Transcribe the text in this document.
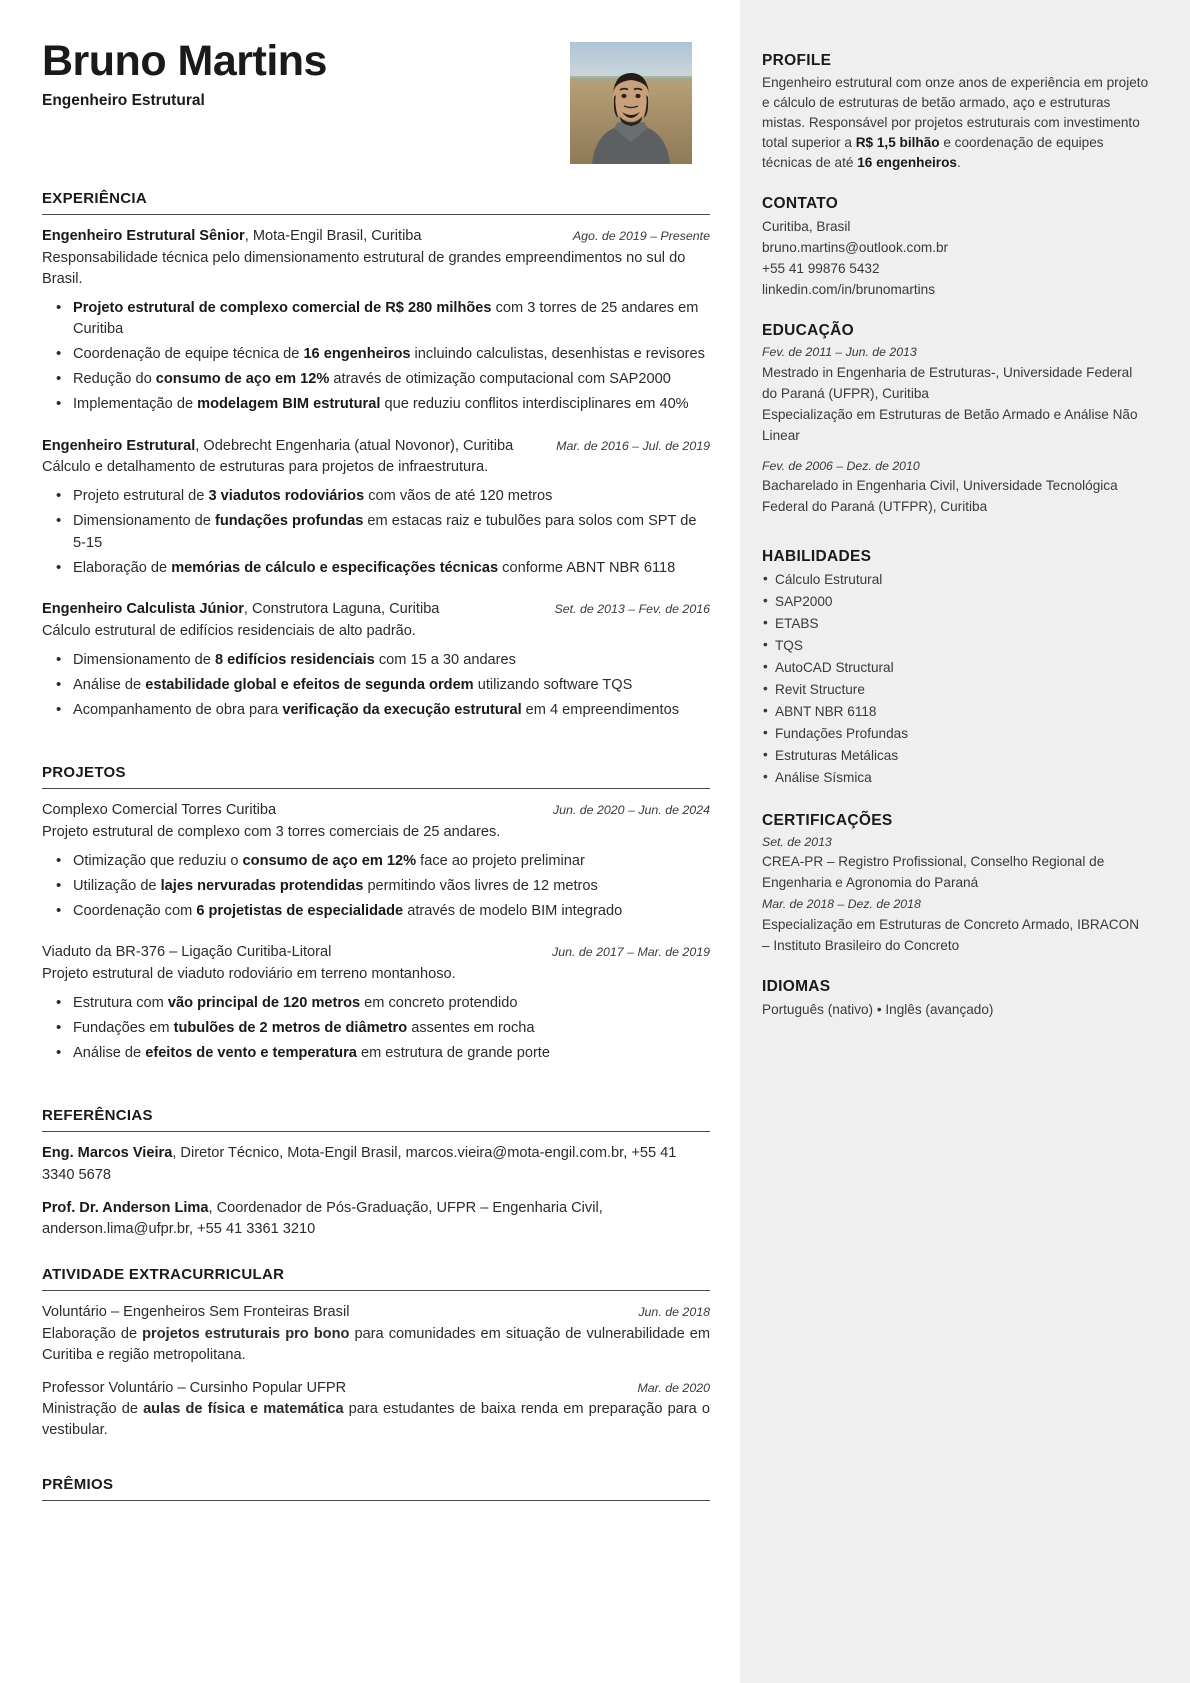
Bruno Martins
Engenheiro Estrutural
EXPERIÊNCIA
Engenheiro Estrutural Sênior, Mota-Engil Brasil, Curitiba	Ago. de 2019 – Presente
Responsabilidade técnica pelo dimensionamento estrutural de grandes empreendimentos no sul do Brasil.
• Projeto estrutural de complexo comercial de R$ 280 milhões com 3 torres de 25 andares em Curitiba
• Coordenação de equipe técnica de 16 engenheiros incluindo calculistas, desenhistas e revisores
• Redução do consumo de aço em 12% através de otimização computacional com SAP2000
• Implementação de modelagem BIM estrutural que reduziu conflitos interdisciplinares em 40%
Engenheiro Estrutural, Odebrecht Engenharia (atual Novonor), Curitiba	Mar. de 2016 – Jul. de 2019
Cálculo e detalhamento de estruturas para projetos de infraestrutura.
• Projeto estrutural de 3 viadutos rodoviários com vãos de até 120 metros
• Dimensionamento de fundações profundas em estacas raiz e tubulões para solos com SPT de 5-15
• Elaboração de memórias de cálculo e especificações técnicas conforme ABNT NBR 6118
Engenheiro Calculista Júnior, Construtora Laguna, Curitiba	Set. de 2013 – Fev. de 2016
Cálculo estrutural de edifícios residenciais de alto padrão.
• Dimensionamento de 8 edifícios residenciais com 15 a 30 andares
• Análise de estabilidade global e efeitos de segunda ordem utilizando software TQS
• Acompanhamento de obra para verificação da execução estrutural em 4 empreendimentos
PROJETOS
Complexo Comercial Torres Curitiba	Jun. de 2020 – Jun. de 2024
Projeto estrutural de complexo com 3 torres comerciais de 25 andares.
• Otimização que reduziu o consumo de aço em 12% face ao projeto preliminar
• Utilização de lajes nervuradas protendidas permitindo vãos livres de 12 metros
• Coordenação com 6 projetistas de especialidade através de modelo BIM integrado
Viaduto da BR-376 – Ligação Curitiba-Litoral	Jun. de 2017 – Mar. de 2019
Projeto estrutural de viaduto rodoviário em terreno montanhoso.
• Estrutura com vão principal de 120 metros em concreto protendido
• Fundações em tubulões de 2 metros de diâmetro assentes em rocha
• Análise de efeitos de vento e temperatura em estrutura de grande porte
REFERÊNCIAS
Eng. Marcos Vieira, Diretor Técnico, Mota-Engil Brasil, marcos.vieira@mota-engil.com.br, +55 41 3340 5678
Prof. Dr. Anderson Lima, Coordenador de Pós-Graduação, UFPR – Engenharia Civil, anderson.lima@ufpr.br, +55 41 3361 3210
ATIVIDADE EXTRACURRICULAR
Voluntário – Engenheiros Sem Fronteiras Brasil	Jun. de 2018
Elaboração de projetos estruturais pro bono para comunidades em situação de vulnerabilidade em Curitiba e região metropolitana.
Professor Voluntário – Cursinho Popular UFPR	Mar. de 2020
Ministração de aulas de física e matemática para estudantes de baixa renda em preparação para o vestibular.
PRÊMIOS
PROFILE
Engenheiro estrutural com onze anos de experiência em projeto e cálculo de estruturas de betão armado, aço e estruturas mistas. Responsável por projetos estruturais com investimento total superior a R$ 1,5 bilhão e coordenação de equipes técnicas de até 16 engenheiros.
CONTATO
Curitiba, Brasil
bruno.martins@outlook.com.br
+55 41 99876 5432
linkedin.com/in/brunomartins
EDUCAÇÃO
Fev. de 2011 – Jun. de 2013
Mestrado in Engenharia de Estruturas-, Universidade Federal do Paraná (UFPR), Curitiba
Especialização em Estruturas de Betão Armado e Análise Não Linear
Fev. de 2006 – Dez. de 2010
Bacharelado in Engenharia Civil, Universidade Tecnológica Federal do Paraná (UTFPR), Curitiba
HABILIDADES
• Cálculo Estrutural
• SAP2000
• ETABS
• TQS
• AutoCAD Structural
• Revit Structure
• ABNT NBR 6118
• Fundações Profundas
• Estruturas Metálicas
• Análise Sísmica
CERTIFICAÇÕES
Set. de 2013
CREA-PR – Registro Profissional, Conselho Regional de Engenharia e Agronomia do Paraná
Mar. de 2018 – Dez. de 2018
Especialização em Estruturas de Concreto Armado, IBRACON – Instituto Brasileiro do Concreto
IDIOMAS
Português (nativo) • Inglês (avançado)
